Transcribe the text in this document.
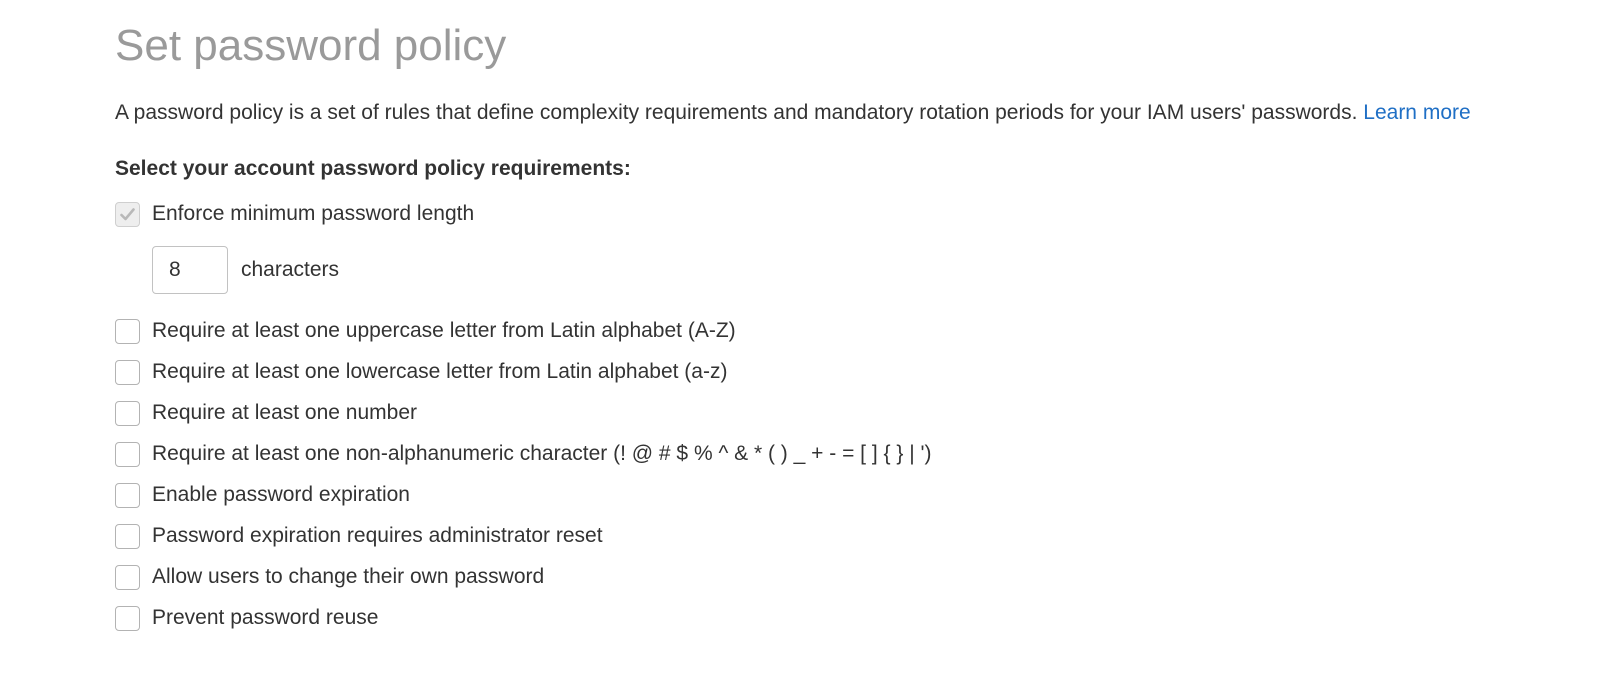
Set password policy
A password policy is a set of rules that define complexity requirements and mandatory rotation periods for your IAM users' passwords. Learn more
Select your account password policy requirements:
Enforce minimum password length
8
characters
Require at least one uppercase letter from Latin alphabet (A-Z)
Require at least one lowercase letter from Latin alphabet (a-z)
Require at least one number
Require at least one non-alphanumeric character (! @ # $ % ^ & * ( ) _ + - = [ ] { } | ')
Enable password expiration
Password expiration requires administrator reset
Allow users to change their own password
Prevent password reuse
